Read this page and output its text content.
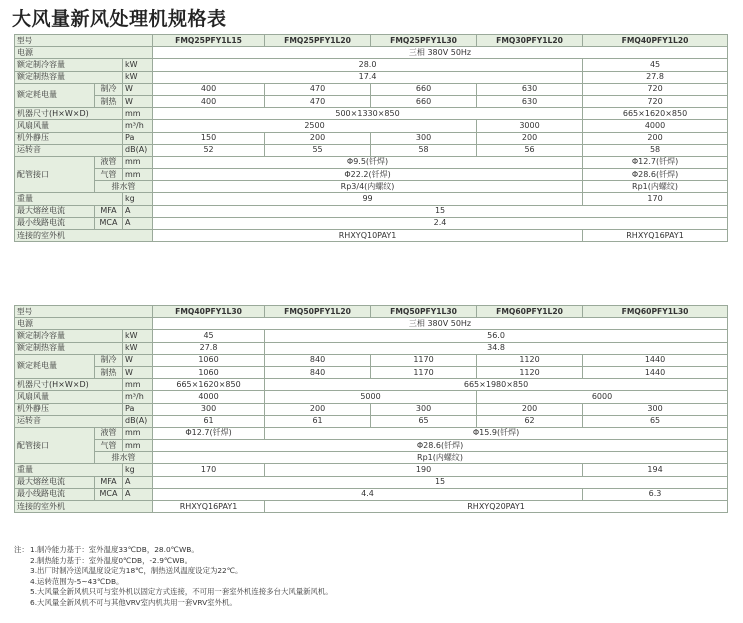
大风量新风处理机规格表
型号			FMQ25PFY1L15	FMQ25PFY1L20	FMQ25PFY1L30	FMQ30PFY1L20	FMQ40PFY1L20
电源			三相 380V 50Hz				
额定制冷容量		kW	28.0				45
额定制热容量		kW	17.4				27.8
额定耗电量	制冷	W	400	470	660	630	720
	制热	W	400	470	660	630	720
机器尺寸(H×W×D)		mm	500×1330×850				665×1620×850
风扇风量		m³/h	2500			3000	4000
机外静压		Pa	150	200	300	200	200
运转音		dB(A)	52	55	58	56	58
配管接口	液管	mm	Φ9.5(钎焊)				Φ12.7(钎焊)
	气管	mm	Φ22.2(钎焊)				Φ28.6(钎焊)
	排水管		Rp3/4(内螺纹)				Rp1(内螺纹)
重量		kg	99				170
最大熔丝电流	MFA	A	15				
最小线路电流	MCA	A	2.4				
连接的室外机			RHXYQ10PAY1				RHXYQ16PAY1
型号			FMQ40PFY1L30	FMQ50PFY1L20	FMQ50PFY1L30	FMQ60PFY1L20	FMQ60PFY1L30
电源			三相 380V 50Hz				
额定制冷容量		kW	45	56.0			
额定制热容量		kW	27.8	34.8			
额定耗电量	制冷	W	1060	840	1170	1120	1440
	制热	W	1060	840	1170	1120	1440
机器尺寸(H×W×D)		mm	665×1620×850	665×1980×850			
风扇风量		m³/h	4000	5000		6000	
机外静压		Pa	300	200	300	200	300
运转音		dB(A)	61	61	65	62	65
配管接口	液管	mm	Φ12.7(钎焊)	Φ15.9(钎焊)			
	气管	mm	Φ28.6(钎焊)				
	排水管		Rp1(内螺纹)				
重量		kg	170	190			194
最大熔丝电流	MFA	A	15				
最小线路电流	MCA	A	4.4				6.3
连接的室外机			RHXYQ16PAY1	RHXYQ20PAY1			
注： 1.制冷能力基于：室外温度33℃DB，28.0℃WB。
2.制热能力基于：室外温度0℃DB，-2.9℃WB。
3.出厂时制冷送风温度设定为18℃，制热送风温度设定为22℃。
4.运转范围为-5~43℃DB。
5.大风量全新风机只可与室外机以固定方式连接，不可用一套室外机连接多台大风量新风机。
6.大风量全新风机不可与其他VRV室内机共用一套VRV室外机。
